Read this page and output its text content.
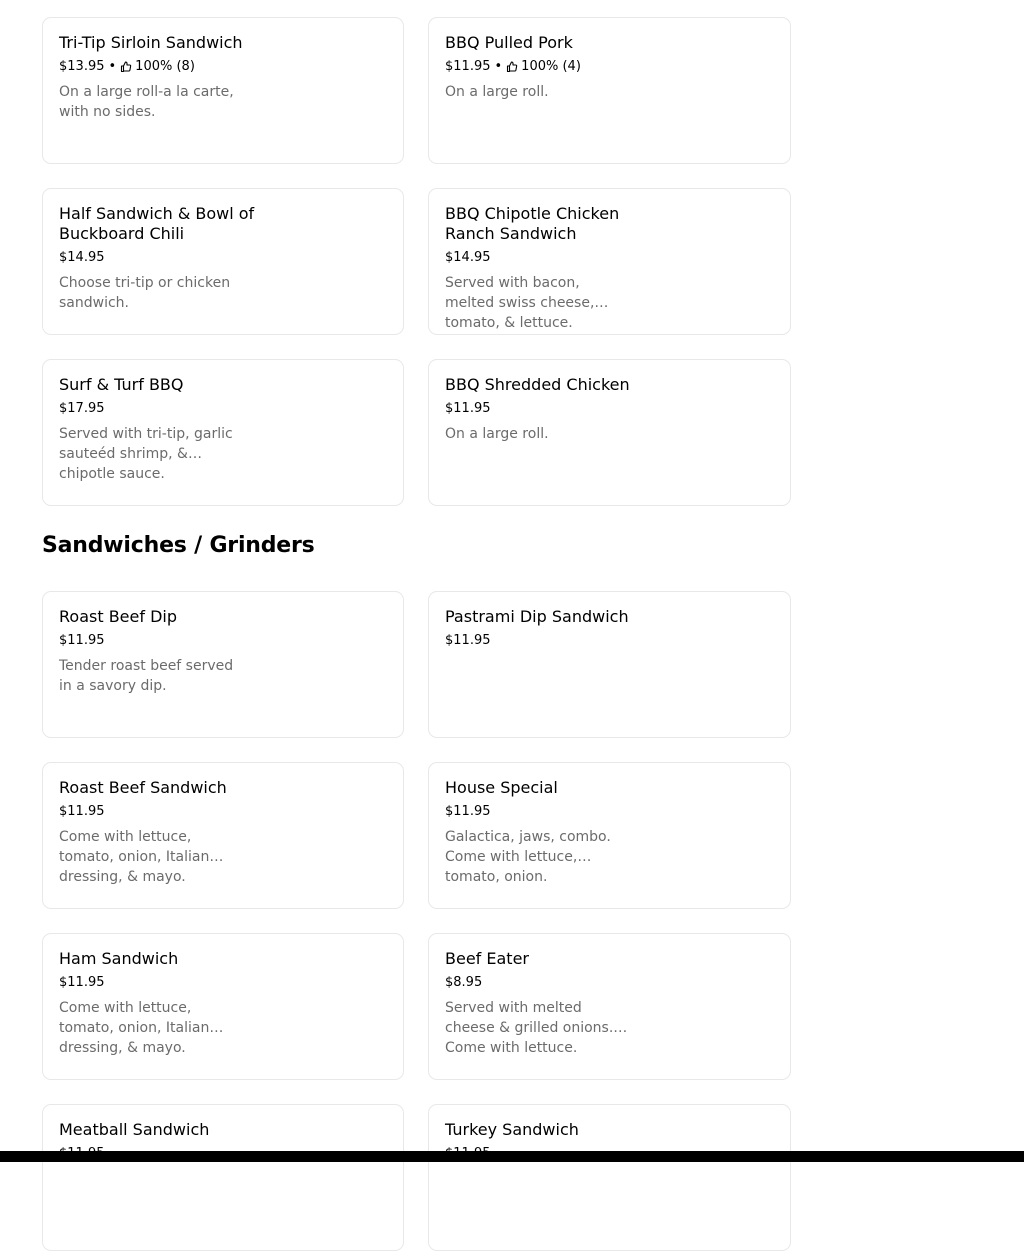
Tri-Tip Sirloin Sandwich
$13.95 • 100% (8)
On a large roll-a la carte, with no sides.
BBQ Pulled Pork
$11.95 • 100% (4)
On a large roll.
Half Sandwich & Bowl of Buckboard Chili
$14.95
Choose tri-tip or chicken sandwich.
BBQ Chipotle Chicken Ranch Sandwich
$14.95
Served with bacon, melted swiss cheese, tomato, & lettuce.
Surf & Turf BBQ
$17.95
Served with tri-tip, garlic sauteéd shrimp, & chipotle sauce.
BBQ Shredded Chicken
$11.95
On a large roll.
Sandwiches / Grinders
Roast Beef Dip
$11.95
Tender roast beef served in a savory dip.
Pastrami Dip Sandwich
$11.95
Roast Beef Sandwich
$11.95
Come with lettuce, tomato, onion, Italian dressing, & mayo.
House Special
$11.95
Galactica, jaws, combo. Come with lettuce, tomato, onion.
Ham Sandwich
$11.95
Come with lettuce, tomato, onion, Italian dressing, & mayo.
Beef Eater
$8.95
Served with melted cheese & grilled onions. Come with lettuce.
Meatball Sandwich	Turkey Sandwich
